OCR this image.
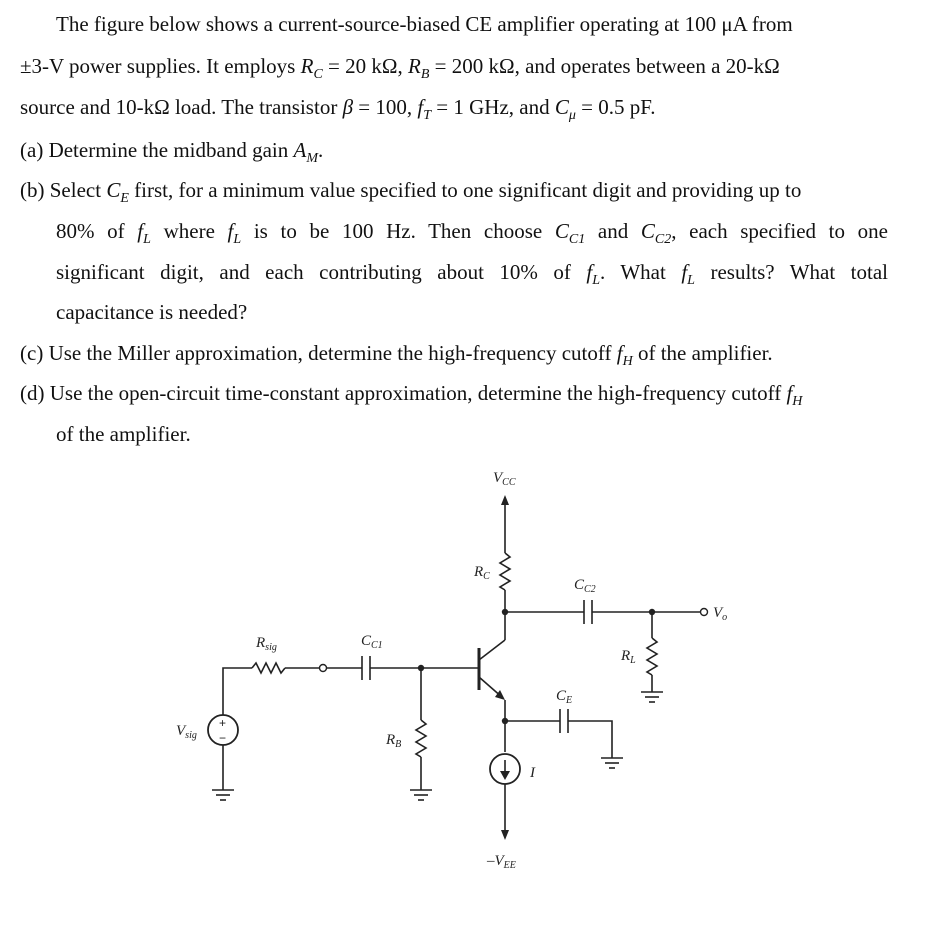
The figure below shows a current-source-biased CE amplifier operating at 100 μA from
±3-V power supplies. It employs $R_C = 20$ kΩ, $R_B = 200$ kΩ, and operates between a 20-kΩ
source and 10-kΩ load. The transistor β = 100, $f_T = 1$ GHz, and $C_\mu = 0.5$ pF.
(a) Determine the midband gain $A_M$.
(b) Select $C_E$ first, for a minimum value specified to one significant digit and providing up to
80% of $f_L$ where $f_L$ is to be 100 Hz. Then choose $C_{C1}$ and $C_{C2}$, each specified to one
significant digit, and each contributing about 10% of $f_L$. What $f_L$ results? What total
capacitance is needed?
(c) Use the Miller approximation, determine the high-frequency cutoff $f_H$ of the amplifier.
(d) Use the open-circuit time-constant approximation, determine the high-frequency cutoff $f_H$
of the amplifier.
$V_{CC}$
$R_C$
$C_{C2}$
$V_o$
$R_L$
$C_E$
I
$-V_{EE}$
$C_{C1}$
$R_B$
$R_{sig}$
+
−
$V_{sig}$
